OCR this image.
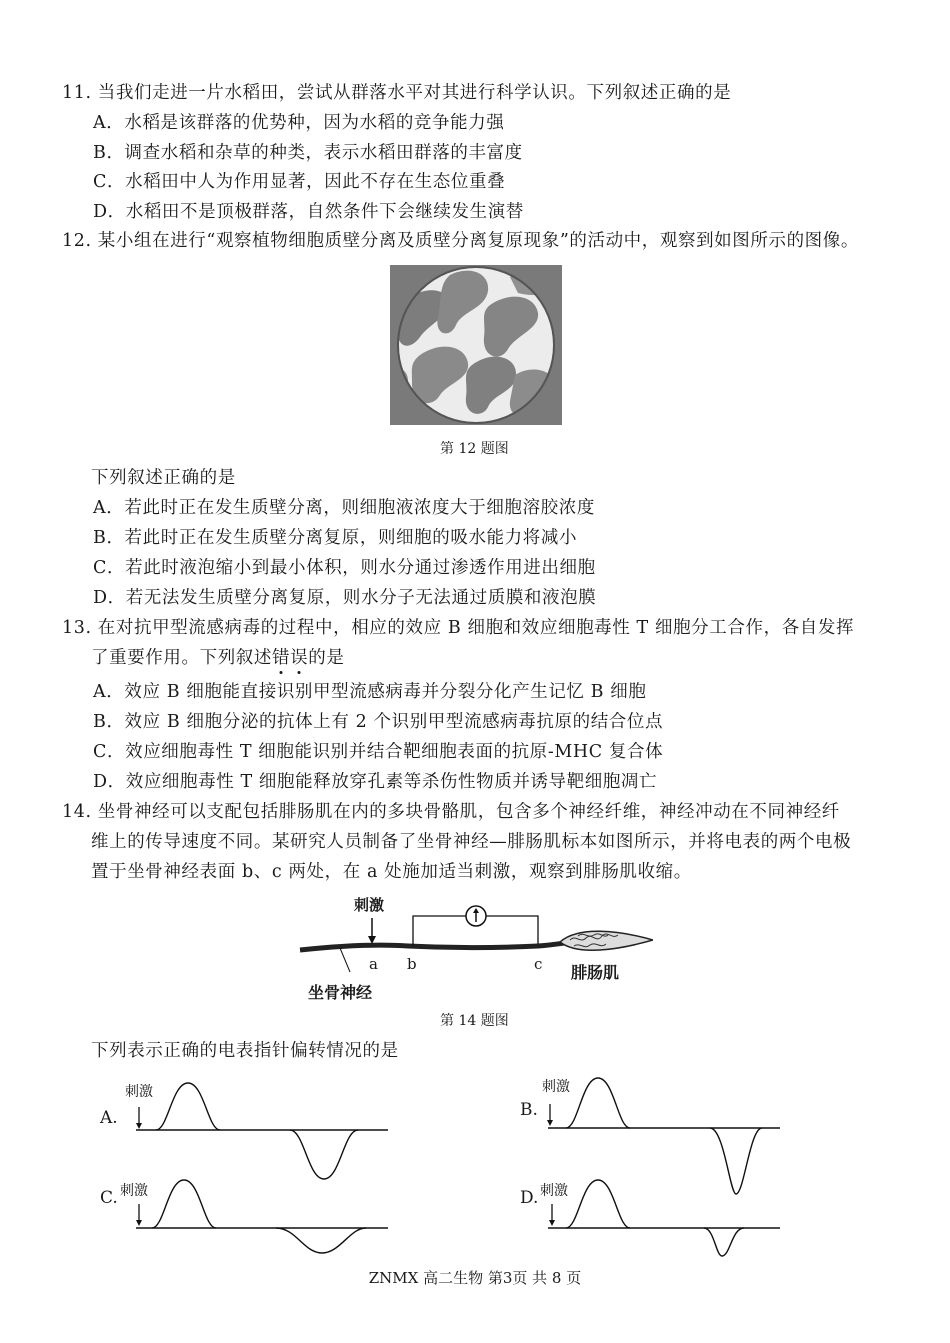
11. 当我们走进一片水稻田，尝试从群落水平对其进行科学认识。下列叙述正确的是
A．水稻是该群落的优势种，因为水稻的竞争能力强
B．调查水稻和杂草的种类，表示水稻田群落的丰富度
C．水稻田中人为作用显著，因此不存在生态位重叠
D．水稻田不是顶极群落，自然条件下会继续发生演替
12. 某小组在进行“观察植物细胞质壁分离及质壁分离复原现象”的活动中，观察到如图所示的图像。
第 12 题图
下列叙述正确的是
A．若此时正在发生质壁分离，则细胞液浓度大于细胞溶胶浓度
B．若此时正在发生质壁分离复原，则细胞的吸水能力将减小
C．若此时液泡缩小到最小体积，则水分通过渗透作用进出细胞
D．若无法发生质壁分离复原，则水分子无法通过质膜和液泡膜
13. 在对抗甲型流感病毒的过程中，相应的效应 B 细胞和效应细胞毒性 T 细胞分工合作，各自发挥
了重要作用。下列叙述错误的是
A．效应 B 细胞能直接识别甲型流感病毒并分裂分化产生记忆 B 细胞
B．效应 B 细胞分泌的抗体上有 2 个识别甲型流感病毒抗原的结合位点
C．效应细胞毒性 T 细胞能识别并结合靶细胞表面的抗原-MHC 复合体
D．效应细胞毒性 T 细胞能释放穿孔素等杀伤性物质并诱导靶细胞凋亡
14. 坐骨神经可以支配包括腓肠肌在内的多块骨骼肌，包含多个神经纤维，神经冲动在不同神经纤
维上的传导速度不同。某研究人员制备了坐骨神经—腓肠肌标本如图所示，并将电表的两个电极
置于坐骨神经表面 b、c 两处，在 a 处施加适当刺激，观察到腓肠肌收缩。
刺激
a b	c 腓肠肌
坐骨神经
第 14 题图
下列表示正确的电表指针偏转情况的是
刺激
A.
刺激
B.
刺激
C.	刺激
D.
ZNMX 高二生物 第3页 共 8 页
